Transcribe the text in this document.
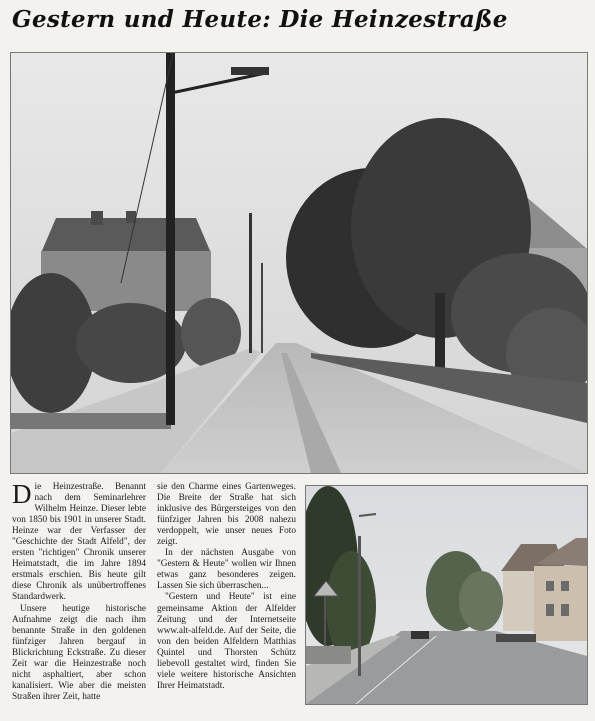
Gestern und Heute: Die Heinzestraße

Die Heinzestraße. Benannt nach dem Seminarlehrer Wilhelm Heinze. Dieser lebte von 1850 bis 1901 in unserer Stadt. Heinze war der Verfasser der "Geschichte der Stadt Alfeld", der ersten "richtigen" Chronik unserer Heimatstadt, die im Jahre 1894 erstmals erschien. Bis heute gilt diese Chronik als unübertroffenes Standardwerk.

Unsere heutige historische Aufnahme zeigt die nach ihm benannte Straße in den goldenen fünfziger Jahren bergauf in Blickrichtung Eckstraße. Zu dieser Zeit war die Heinzestraße noch nicht asphaltiert, aber schon kanalisiert. Wie aber die meisten Straßen ihrer Zeit, hatte

sie den Charme eines Gartenweges. Die Breite der Straße hat sich inklusive des Bürgersteiges von den fünfziger Jahren bis 2008 nahezu verdoppelt, wie unser neues Foto zeigt.

In der nächsten Ausgabe von "Gestern & Heute" wollen wir Ihnen etwas ganz besonderes zeigen. Lassen Sie sich überraschen...

"Gestern und Heute" ist eine gemeinsame Aktion der Alfelder Zeitung und der Internetseite www.alt-alfeld.de. Auf der Seite, die von den beiden Alfeldern Matthias Quintel und Thorsten Schütz liebevoll gestaltet wird, finden Sie viele weitere historische Ansichten Ihrer Heimatstadt.
